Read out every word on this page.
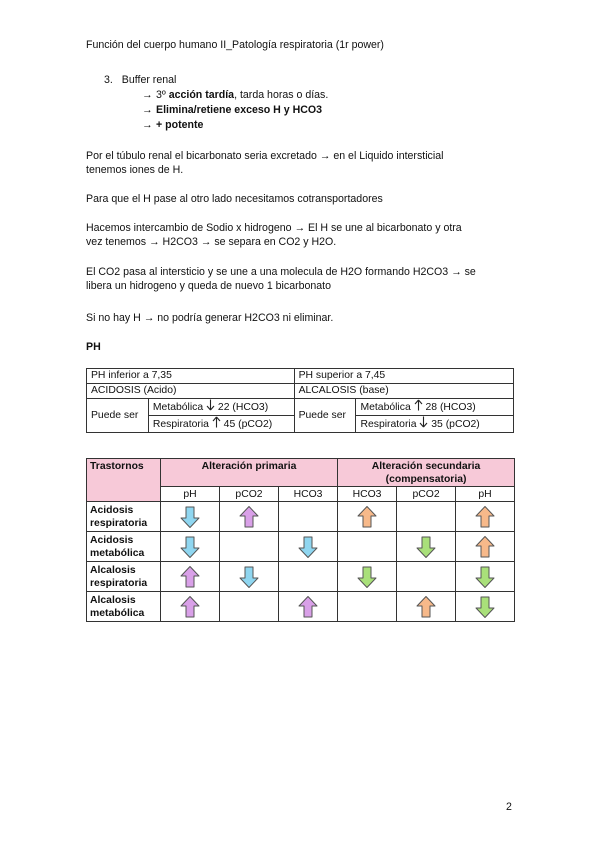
Función del cuerpo humano II_Patología respiratoria (1r power)
3. Buffer renal
→ 3º acción tardía, tarda horas o días.
→ Elimina/retiene exceso H y HCO3
→ + potente
Por el túbulo renal el bicarbonato seria excretado → en el Liquido intersticial
tenemos iones de H.
Para que el H pase al otro lado necesitamos cotransportadores
Hacemos intercambio de Sodio x hidrogeno → El H se une al bicarbonato y otra
vez tenemos → H2CO3 → se separa en CO2 y H2O.
El CO2 pasa al intersticio y se une a una molecula de H2O formando H2CO3 → se
libera un hidrogeno y queda de nuevo 1 bicarbonato
Si no hay H → no podría generar H2CO3 ni eliminar.
PH
PH inferior a 7,35		PH superior a 7,45	
ACIDOSIS (Acido)		ALCALOSIS (base)	
Puede ser	Metabólica  22 (HCO3)	Puede ser	Metabólica  28 (HCO3)
	Respiratoria  45 (pCO2)		Respiratoria  35 (pCO2)
Trastornos	Alteración primaria			Alteración secundaria
(compensatoria)		

	pH	pCO2	HCO3	HCO3	pCO2	pH

Acidosis
respiratoria

Acidosis
metabólica

Alcalosis
respiratoria

Alcalosis
metabólica

2
